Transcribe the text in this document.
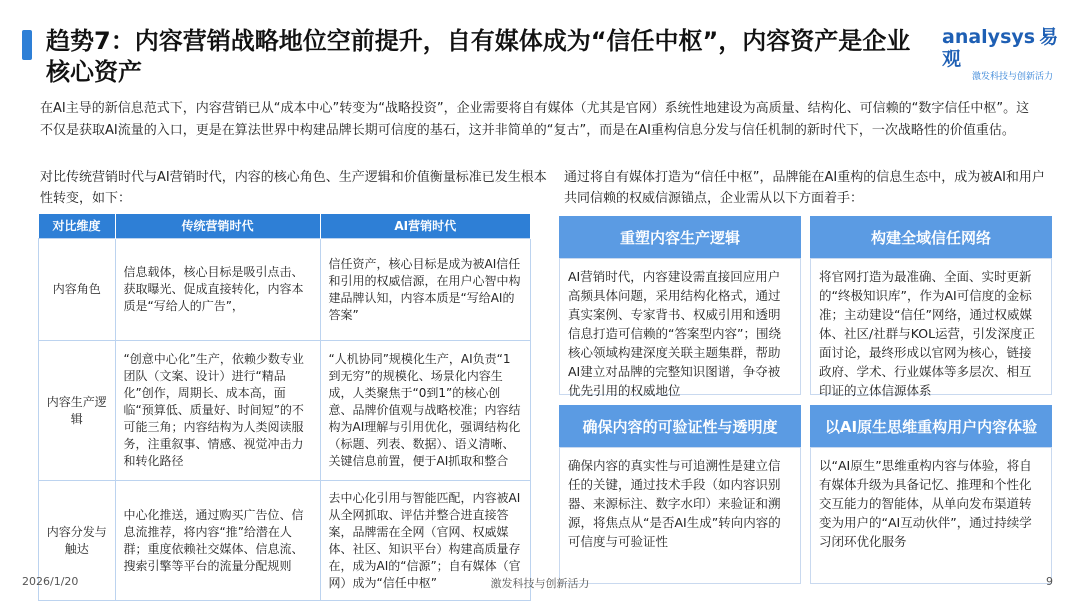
趋势7：内容营销战略地位空前提升，自有媒体成为“信任中枢”，内容资产是企业核心资产
analysys 易观
激发科技与创新活力
在AI主导的新信息范式下，内容营销已从“成本中心”转变为“战略投资”，企业需要将自有媒体（尤其是官网）系统性地建设为高质量、结构化、可信赖的“数字信任中枢”。这不仅是获取AI流量的入口，更是在算法世界中构建品牌长期可信度的基石，这并非简单的“复古”，而是在AI重构信息分发与信任机制的新时代下，一次战略性的价值重估。
对比传统营销时代与AI营销时代，内容的核心角色、生产逻辑和价值衡量标准已发生根本性转变，如下：
通过将自有媒体打造为“信任中枢”，品牌能在AI重构的信息生态中，成为被AI和用户共同信赖的权威信源锚点，企业需从以下方面着手：
对比维度	传统营销时代	AI营销时代
内容角色	信息载体，核心目标是吸引点击、获取曝光、促成直接转化，内容本质是“写给人的广告”，	信任资产，核心目标是成为被AI信任和引用的权威信源，在用户心智中构建品牌认知，内容本质是“写给AI的答案”
内容生产逻辑	“创意中心化”生产，依赖少数专业团队（文案、设计）进行“精品化”创作，周期长、成本高，面临“预算低、质量好、时间短”的不可能三角；内容结构为人类阅读服务，注重叙事、情感、视觉冲击力和转化路径	“人机协同”规模化生产，AI负责“1到无穷”的规模化、场景化内容生成，人类聚焦于“0到1”的核心创意、品牌价值观与战略校准；内容结构为AI理解与引用优化，强调结构化（标题、列表、数据）、语义清晰、关键信息前置，便于AI抓取和整合
内容分发与触达	中心化推送，通过购买广告位、信息流推荐，将内容“推”给潜在人群；重度依赖社交媒体、信息流、搜索引擎等平台的流量分配规则	去中心化引用与智能匹配，内容被AI从全网抓取、评估并整合进直接答案，品牌需在全网（官网、权威媒体、社区、知识平台）构建高质量存在，成为AI的“信源”；自有媒体（官网）成为“信任中枢”
重塑内容生产逻辑
AI营销时代，内容建设需直接回应用户高频具体问题，采用结构化格式，通过真实案例、专家背书、权威引用和透明信息打造可信赖的“答案型内容”；围绕核心领域构建深度关联主题集群，帮助AI建立对品牌的完整知识图谱，争夺被优先引用的权威地位
构建全域信任网络
将官网打造为最准确、全面、实时更新的“终极知识库”，作为AI可信度的金标准；主动建设“信任”网络，通过权威媒体、社区/社群与KOL运营，引发深度正面讨论，最终形成以官网为核心，链接政府、学术、行业媒体等多层次、相互印证的立体信源体系
确保内容的可验证性与透明度
确保内容的真实性与可追溯性是建立信任的关键，通过技术手段（如内容识别器、来源标注、数字水印）来验证和溯源，将焦点从“是否AI生成”转向内容的可信度与可验证性
以AI原生思维重构用户内容体验
以“AI原生”思维重构内容与体验，将自有媒体升级为具备记忆、推理和个性化交互能力的智能体，从单向发布渠道转变为用户的“AI互动伙伴”，通过持续学习闭环优化服务
2026/1/20	激发科技与创新活力	9
